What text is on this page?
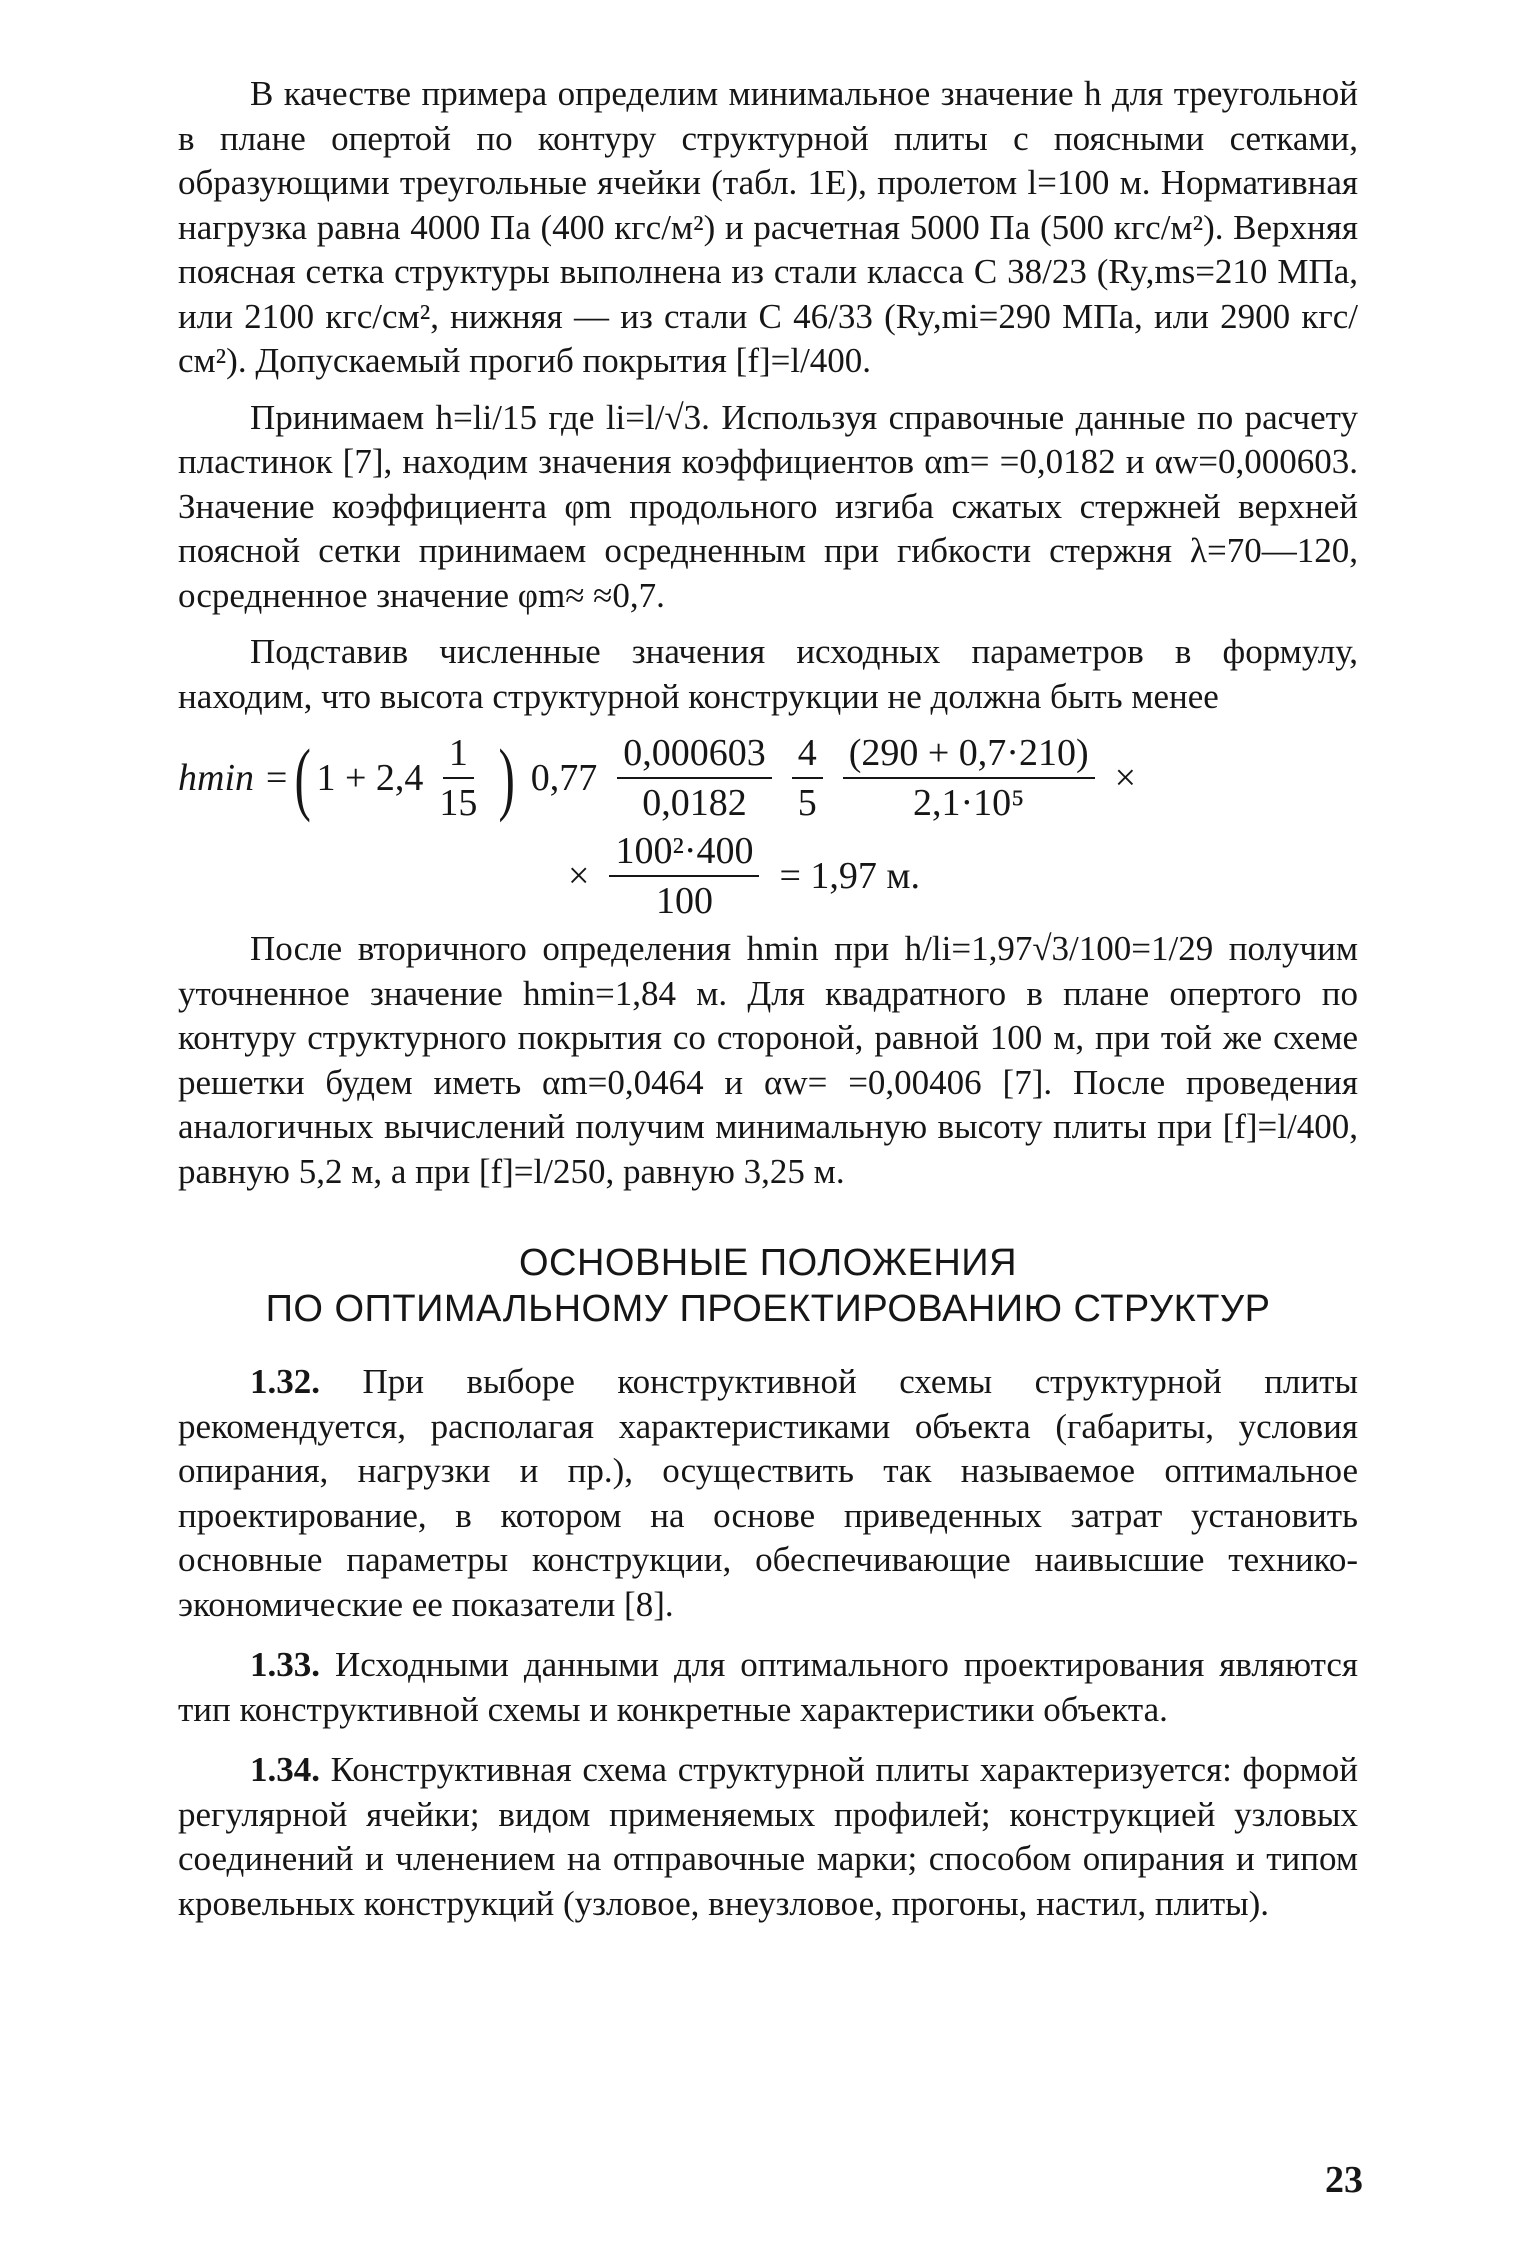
В качестве примера определим минимальное значение h для треугольной в плане опертой по контуру структурной плиты с поясными сетками, образующими треугольные ячейки (табл. 1Е), пролетом l=100 м. Нормативная нагрузка равна 4000 Па (400 кгс/м²) и расчетная 5000 Па (500 кгс/м²). Верхняя поясная сетка структуры выполнена из стали класса С 38/23 (Ry,ms=210 МПа, или 2100 кгс/см², нижняя — из стали С 46/33 (Ry,mi=290 МПа, или 2900 кгс/см²). Допускаемый прогиб покрытия [f]=l/400.

Принимаем h=li/15 где li=l/√3. Используя справочные данные по расчету пластинок [7], находим значения коэффициентов αm= =0,0182 и αw=0,000603. Значение коэффициента φm продольного изгиба сжатых стержней верхней поясной сетки принимаем осредненным при гибкости стержня λ=70—120, осредненное значение φm≈ ≈0,7.

Подставив численные значения исходных параметров в формулу, находим, что высота структурной конструкции не должна быть менее

hmin = ( $1 + 2,4 \frac{1}{15}$ ) $0,77 \frac{0,000603}{0,0182} \frac{4}{5} \frac{(290 + 0,7\cdot 210)}{\text{2,1·10⁵}}$ ×
× $\frac{\text{100²·400}}{100} = 1,97$ м.

После вторичного определения hmin при h/li=1,97√3/100=1/29 получим уточненное значение hmin=1,84 м. Для квадратного в плане опертого по контуру структурного покрытия со стороной, равной 100 м, при той же схеме решетки будем иметь αm=0,0464 и αw= =0,00406 [7]. После проведения аналогичных вычислений получим минимальную высоту плиты при [f]=l/400, равную 5,2 м, а при [f]=l/250, равную 3,25 м.

ОСНОВНЫЕ ПОЛОЖЕНИЯ
ПО ОПТИМАЛЬНОМУ ПРОЕКТИРОВАНИЮ СТРУКТУР

1.32. При выборе конструктивной схемы структурной плиты рекомендуется, располагая характеристиками объекта (габариты, условия опирания, нагрузки и пр.), осуществить так называемое оптимальное проектирование, в котором на основе приведенных затрат установить основные параметры конструкции, обеспечивающие наивысшие технико-экономические ее показатели [8].

1.33. Исходными данными для оптимального проектирования являются тип конструктивной схемы и конкретные характеристики объекта.

1.34. Конструктивная схема структурной плиты характеризуется: формой регулярной ячейки; видом применяемых профилей; конструкцией узловых соединений и членением на отправочные марки; способом опирания и типом кровельных конструкций (узловое, внеузловое, прогоны, настил, плиты).

23
